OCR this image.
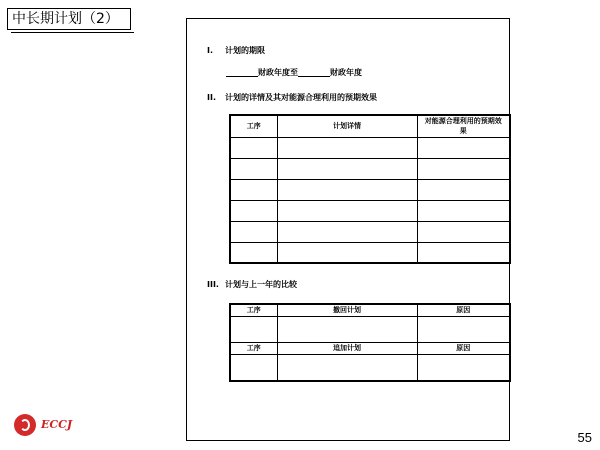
中长期计划（2）
I. 计划的期限
财政年度至	财政年度
II. 计划的详情及其对能源合理利用的预期效果
工序	计划详情	对能源合理利用的预期效果

III. 计划与上一年的比较
工序	撤回计划	原因

工序	追加计划	原因

ECCJ
55
